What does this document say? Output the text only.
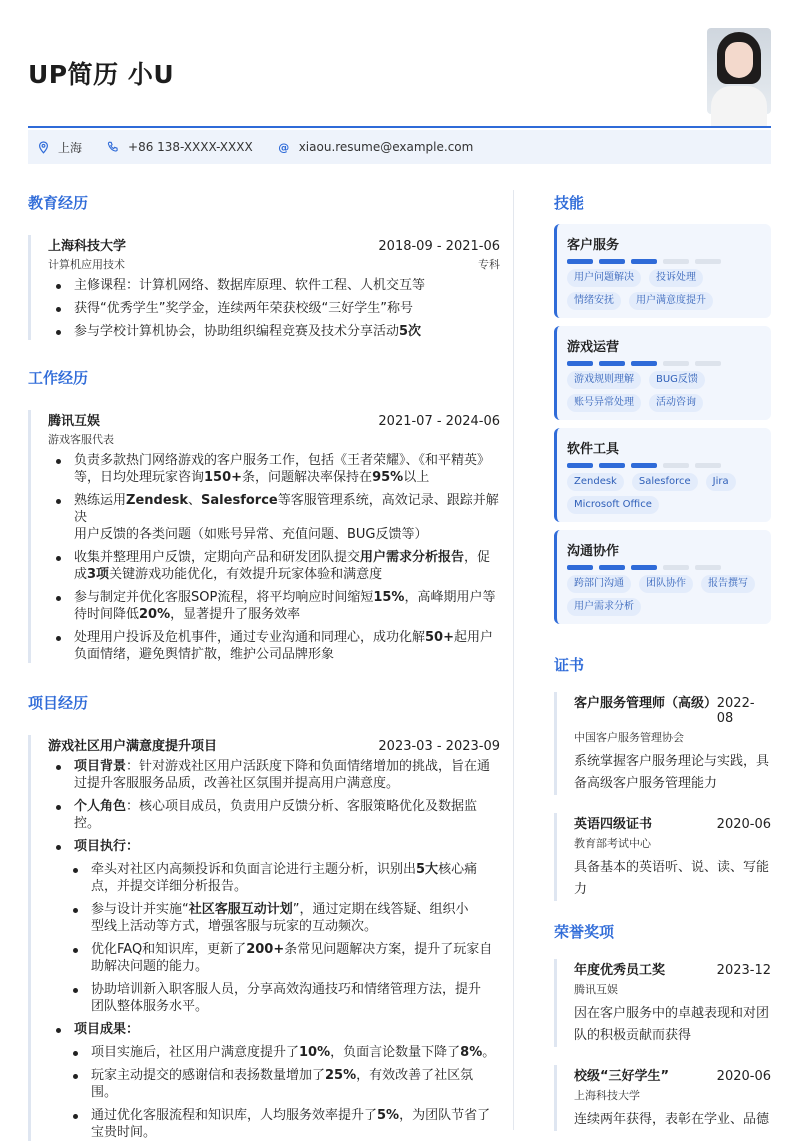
UP简历 小U
上海	+86 138-XXXX-XXXX @ xiaou.resume@example.com
教育经历
上海科技大学	2018-09 - 2021-06
计算机应用技术	专科
主修课程：计算机网络、数据库原理、软件工程、人机交互等
获得“优秀学生”奖学金，连续两年荣获校级“三好学生”称号
参与学校计算机协会，协助组织编程竞赛及技术分享活动5次
工作经历
腾讯互娱	2021-07 - 2024-06
游戏客服代表
负责多款热门网络游戏的客户服务工作，包括《王者荣耀》、《和平精英》
等，日均处理玩家咨询150+条，问题解决率保持在95%以上
熟练运用Zendesk、Salesforce等客服管理系统，高效记录、跟踪并解决
用户反馈的各类问题（如账号异常、充值问题、BUG反馈等）
收集并整理用户反馈，定期向产品和研发团队提交用户需求分析报告，促
成3项关键游戏功能优化，有效提升玩家体验和满意度
参与制定并优化客服SOP流程，将平均响应时间缩短15%，高峰期用户等
待时间降低20%，显著提升了服务效率
处理用户投诉及危机事件，通过专业沟通和同理心，成功化解50+起用户
负面情绪，避免舆情扩散，维护公司品牌形象
项目经历
游戏社区用户满意度提升项目	2023-03 - 2023-09
项目背景：针对游戏社区用户活跃度下降和负面情绪增加的挑战，旨在通
过提升客服服务品质，改善社区氛围并提高用户满意度。
个人角色：核心项目成员，负责用户反馈分析、客服策略优化及数据监
控。
项目执行：
牵头对社区内高频投诉和负面言论进行主题分析，识别出5大核心痛
点，并提交详细分析报告。
参与设计并实施“社区客服互动计划”，通过定期在线答疑、组织小
型线上活动等方式，增强客服与玩家的互动频次。
优化FAQ和知识库，更新了200+条常见问题解决方案，提升了玩家自
助解决问题的能力。
协助培训新入职客服人员，分享高效沟通技巧和情绪管理方法，提升
团队整体服务水平。
项目成果：
项目实施后，社区用户满意度提升了10%，负面言论数量下降了8%。
玩家主动提交的感谢信和表扬数量增加了25%，有效改善了社区氛
围。
通过优化客服流程和知识库，人均服务效率提升了5%，为团队节省了
宝贵时间。
技能
客户服务
用户问题解决	投诉处理
情绪安抚	用户满意度提升
游戏运营
游戏规则理解	BUG反馈
账号异常处理	活动咨询
软件工具
Zendesk	Salesforce	Jira
Microsoft Office
沟通协作
跨部门沟通	团队协作	报告撰写
用户需求分析
证书
客户服务管理师（高级） 2022-08
中国客户服务管理协会
系统掌握客户服务理论与实践，具
备高级客户服务管理能力
英语四级证书	2020-06
教育部考试中心
具备基本的英语听、说、读、写能
力
荣誉奖项
年度优秀员工奖	2023-12
腾讯互娱
因在客户服务中的卓越表现和对团
队的积极贡献而获得
校级“三好学生”	2020-06
上海科技大学
连续两年获得，表彰在学业、品德
